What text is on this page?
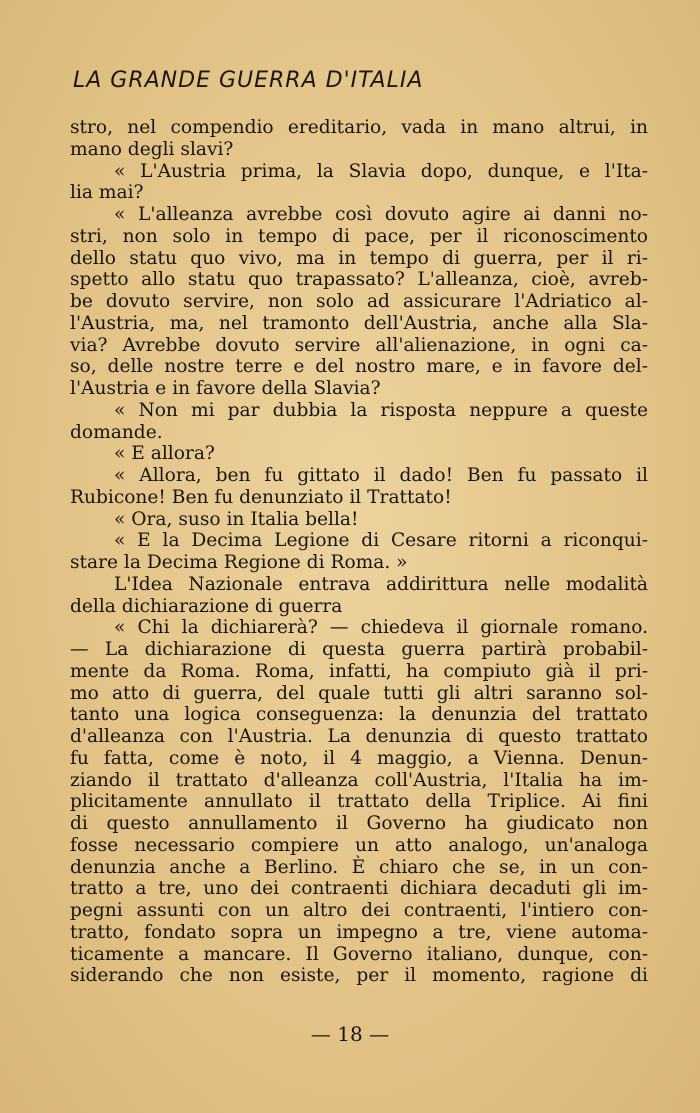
LA GRANDE GUERRA D'ITALIA
stro, nel compendio ereditario, vada in mano altrui, in
mano degli slavi?
« L'Austria prima, la Slavia dopo, dunque, e l'Ita-
lia mai?
« L'alleanza avrebbe così dovuto agire ai danni no-
stri, non solo in tempo di pace, per il riconoscimento
dello statu quo vivo, ma in tempo di guerra, per il ri-
spetto allo statu quo trapassato? L'alleanza, cioè, avreb-
be dovuto servire, non solo ad assicurare l'Adriatico al-
l'Austria, ma, nel tramonto dell'Austria, anche alla Sla-
via? Avrebbe dovuto servire all'alienazione, in ogni ca-
so, delle nostre terre e del nostro mare, e in favore del-
l'Austria e in favore della Slavia?
« Non mi par dubbia la risposta neppure a queste
domande.
« E allora?
« Allora, ben fu gittato il dado! Ben fu passato il
Rubicone! Ben fu denunziato il Trattato!
« Ora, suso in Italia bella!
« E la Decima Legione di Cesare ritorni a riconqui-
stare la Decima Regione di Roma. »
L'Idea Nazionale entrava addirittura nelle modalità
della dichiarazione di guerra
« Chi la dichiarerà? — chiedeva il giornale romano.
— La dichiarazione di questa guerra partirà probabil-
mente da Roma. Roma, infatti, ha compiuto già il pri-
mo atto di guerra, del quale tutti gli altri saranno sol-
tanto una logica conseguenza: la denunzia del trattato
d'alleanza con l'Austria. La denunzia di questo trattato
fu fatta, come è noto, il 4 maggio, a Vienna. Denun-
ziando il trattato d'alleanza coll'Austria, l'Italia ha im-
plicitamente annullato il trattato della Triplice. Ai fini
di questo annullamento il Governo ha giudicato non
fosse necessario compiere un atto analogo, un'analoga
denunzia anche a Berlino. È chiaro che se, in un con-
tratto a tre, uno dei contraenti dichiara decaduti gli im-
pegni assunti con un altro dei contraenti, l'intiero con-
tratto, fondato sopra un impegno a tre, viene automa-
ticamente a mancare. Il Governo italiano, dunque, con-
siderando che non esiste, per il momento, ragione di
— 18 —
